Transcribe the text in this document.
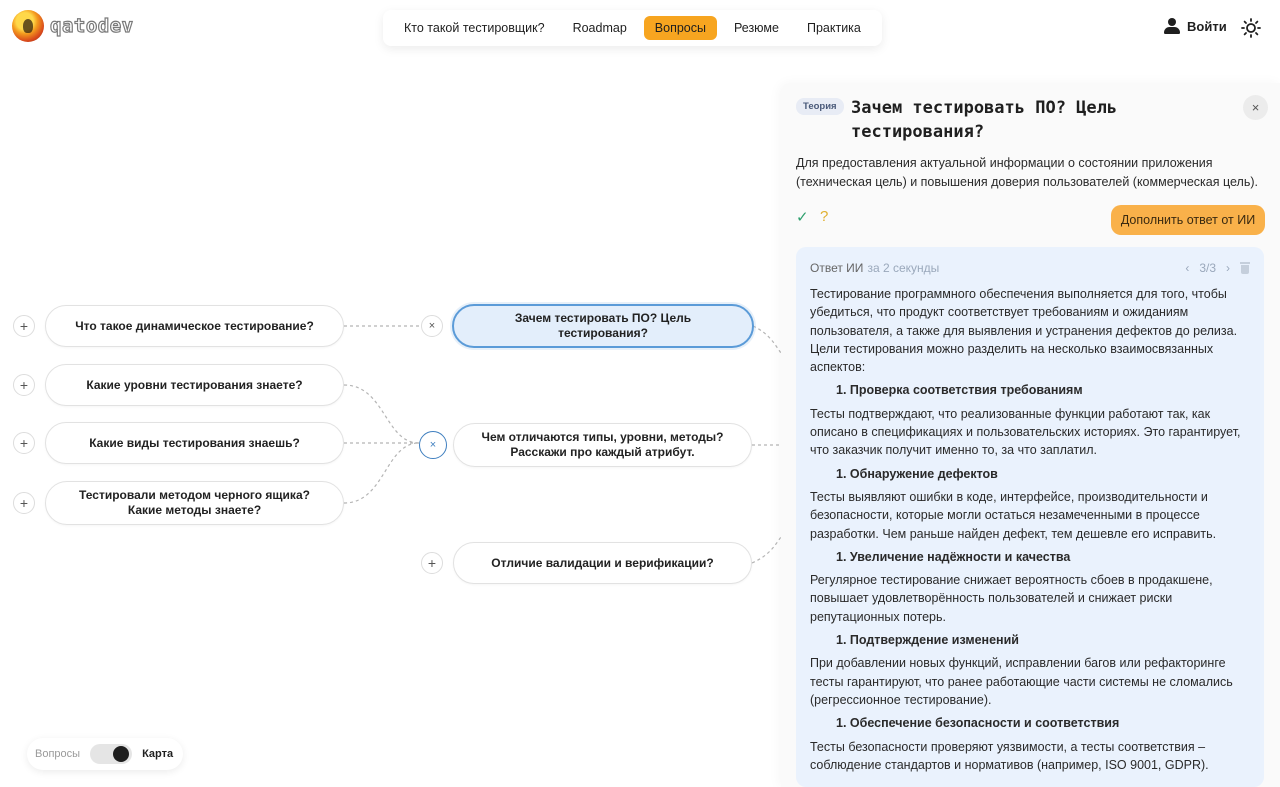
qatodev	Кто такой тестировщик?	Roadmap	Вопросы	Резюме	Практика	Войти
+	Что такое динамическое тестирование?
+	Какие уровни тестирования знаете?
+	Какие виды тестирования знаешь?
+	Тестировали методом черного ящика? Какие методы знаете?
×
Зачем тестировать ПО? Цель тестирования?
×
Чем отличаются типы, уровни, методы? Расскажи про каждый атрибут.
+	Отличие валидации и верификации?
Вопросы	Карта
Теория Зачем тестировать ПО? Цель тестирования?
×

Для предоставления актуальной информации о состоянии приложения (техническая цель) и повышения доверия пользователей (коммерческая цель).

✓ ?	Дополнить ответ от ИИ
Ответ ИИ за 2 секунды	‹ 3/3 ›

Тестирование программного обеспечения выполняется для того, чтобы убедиться, что продукт соответствует требованиям и ожиданиям пользователя, а также для выявления и устранения дефектов до релиза. Цели тестирования можно разделить на несколько взаимосвязанных аспектов:

1. Проверка соответствия требованиям

Тесты подтверждают, что реализованные функции работают так, как описано в спецификациях и пользовательских историях. Это гарантирует, что заказчик получит именно то, за что заплатил.

1. Обнаружение дефектов

Тесты выявляют ошибки в коде, интерфейсе, производительности и безопасности, которые могли остаться незамеченными в процессе разработки. Чем раньше найден дефект, тем дешевле его исправить.

1. Увеличение надёжности и качества

Регулярное тестирование снижает вероятность сбоев в продакшене, повышает удовлетворённость пользователей и снижает риски репутационных потерь.

1. Подтверждение изменений

При добавлении новых функций, исправлении багов или рефакторинге тесты гарантируют, что ранее работающие части системы не сломались (регрессионное тестирование).

1. Обеспечение безопасности и соответствия

Тесты безопасности проверяют уязвимости, а тесты соответствия – соблюдение стандартов и нормативов (например, ISO 9001, GDPR).
